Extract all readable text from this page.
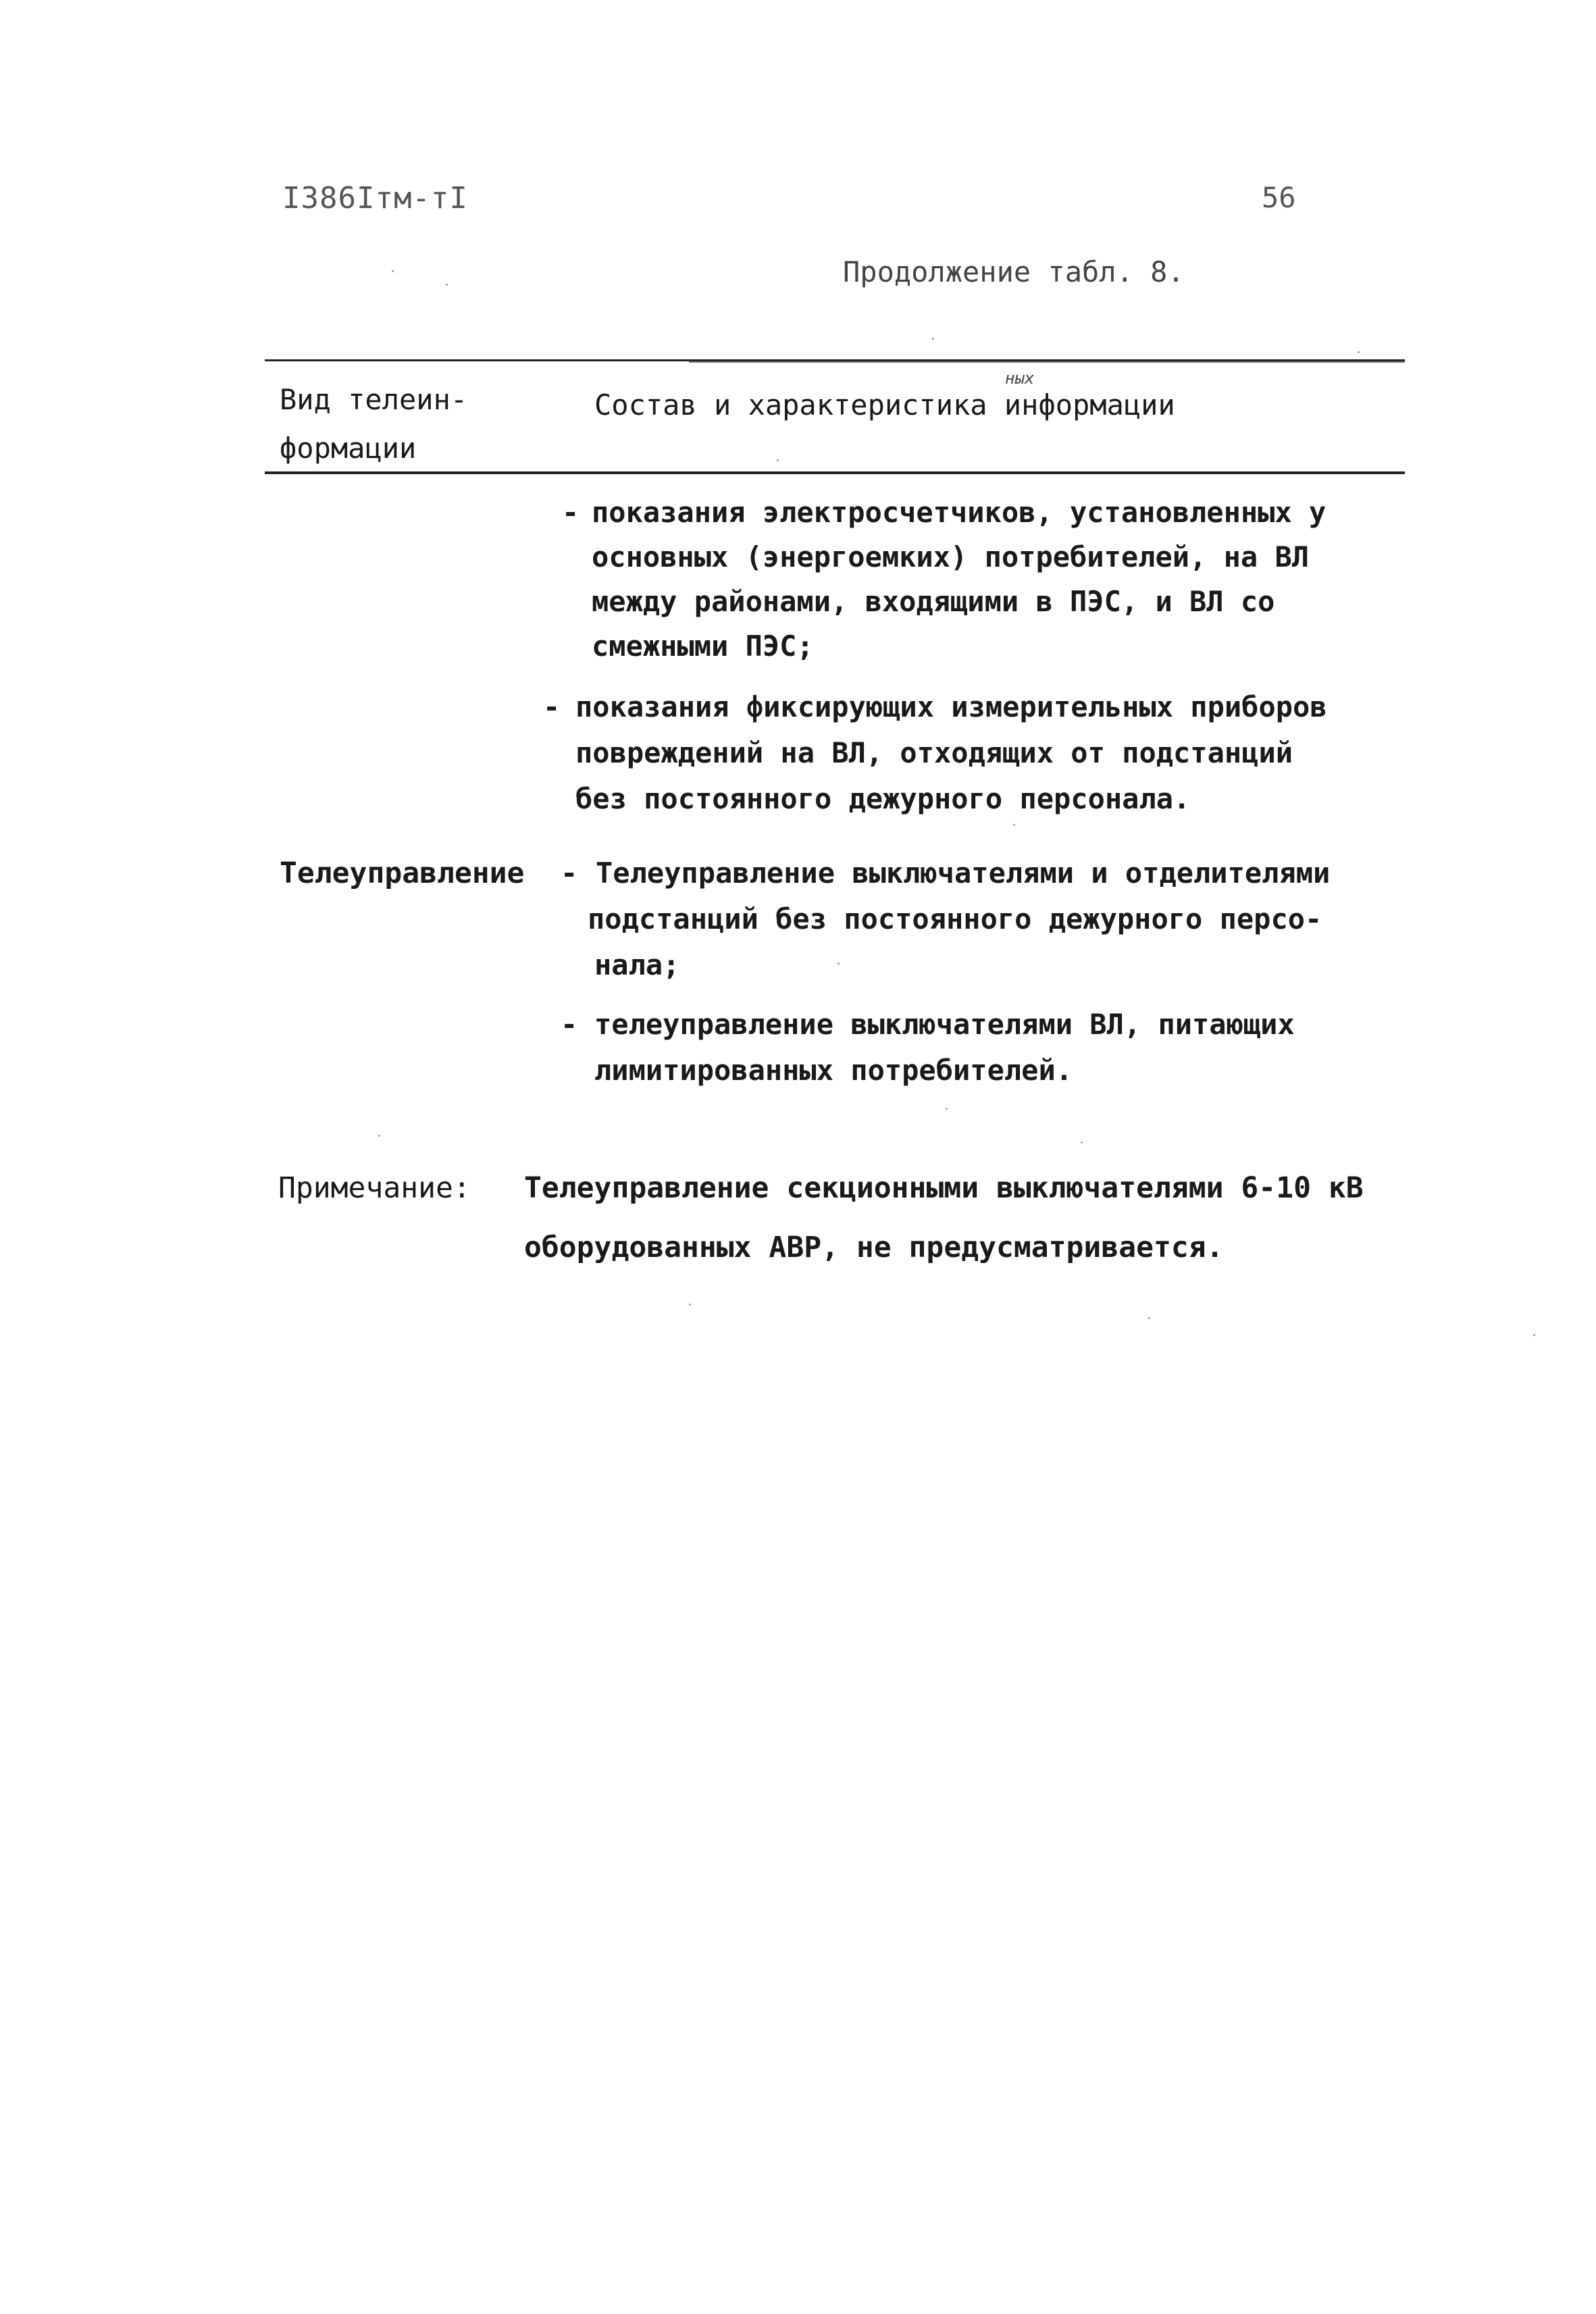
I386Iтм-тI	56
Продолжение табл. 8.
Вид телеин-
формации
ных
Состав и характеристика информации
- показания электросчетчиков, установленных у
основных (энергоемких) потребителей, на ВЛ
между районами, входящими в ПЭС, и ВЛ со
смежными ПЭС;
- показания фиксирующих измерительных приборов
повреждений на ВЛ, отходящих от подстанций
без постоянного дежурного персонала.
Телеуправление - Телеуправление выключателями и отделителями
подстанций без постоянного дежурного персо-
нала;
- телеуправление выключателями ВЛ, питающих
лимитированных потребителей.
Примечание: Телеуправление секционными выключателями 6-10 кВ
оборудованных АВР, не предусматривается.
